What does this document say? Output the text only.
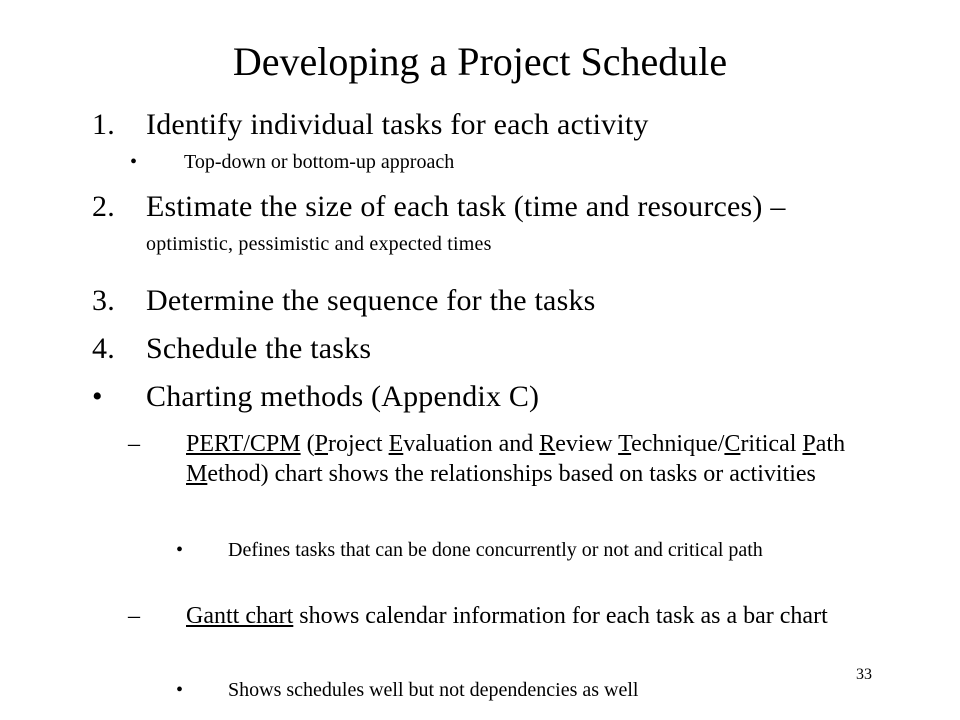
Developing a Project Schedule
1. Identify individual tasks for each activity
• Top-down or bottom-up approach
2. Estimate the size of each task (time and resources) – optimistic, pessimistic and expected times
3. Determine the sequence for the tasks
4. Schedule the tasks
• Charting methods (Appendix C)
– PERT/CPM (Project Evaluation and Review Technique/Critical Path Method) chart shows the relationships based on tasks or activities
• Defines tasks that can be done concurrently or not and critical path
– Gantt chart shows calendar information for each task as a bar chart
• Shows schedules well but not dependencies as well
33
